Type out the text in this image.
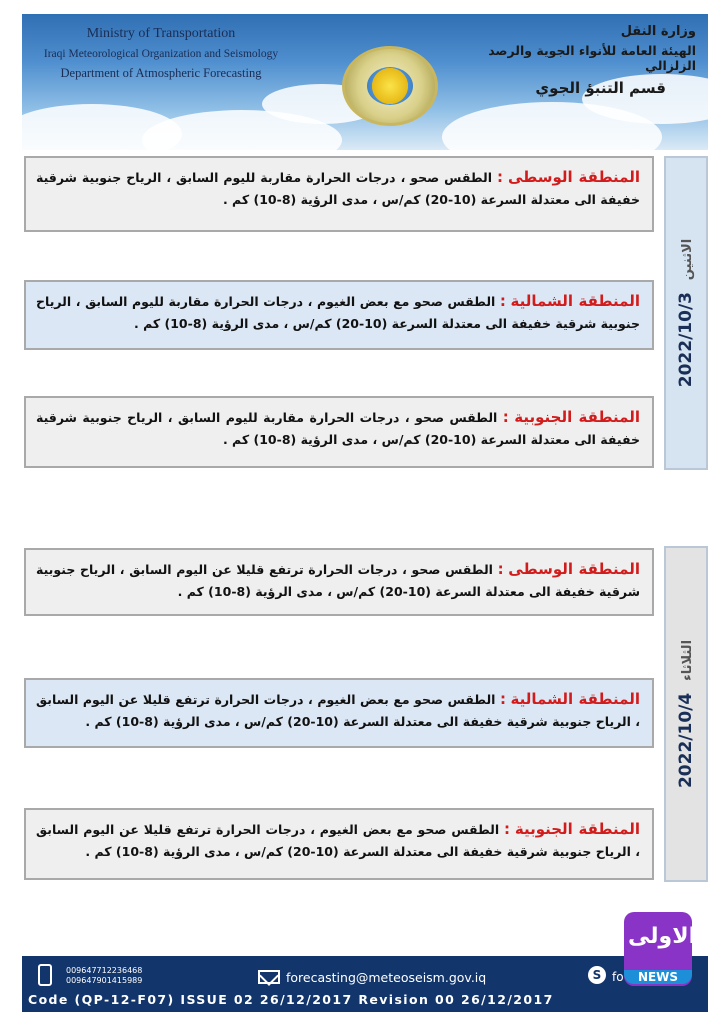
Ministry of Transportation
Iraqi Meteorological Organization and Seismology
Department of Atmospheric Forecasting
وزارة النقل
الهيئة العامة للأنواء الجوية والرصد الزلزالي
قسم التنبؤ الجوي
المنطقة الوسطى : الطقس صحو ، درجات الحرارة مقاربة لليوم السابق ، الرياح جنوبية شرقية خفيفة الى معتدلة السرعة (10-20) كم/س ، مدى الرؤية (8-10) كم .
المنطقة الشمالية : الطقس صحو مع بعض الغيوم ، درجات الحرارة مقاربة لليوم السابق ، الرياح جنوبية شرقية خفيفة الى معتدلة السرعة (10-20) كم/س ، مدى الرؤية (8-10) كم .
المنطقة الجنوبية : الطقس صحو ، درجات الحرارة مقاربة لليوم السابق ، الرياح جنوبية شرقية خفيفة الى معتدلة السرعة (10-20) كم/س ، مدى الرؤية (8-10) كم .
الاثنين 2022/10/3
المنطقة الوسطى : الطقس صحو ، درجات الحرارة ترتفع قليلا عن اليوم السابق ، الرياح جنوبية شرقية خفيفة الى معتدلة السرعة (10-20) كم/س ، مدى الرؤية (8-10) كم .
المنطقة الشمالية : الطقس صحو مع بعض الغيوم ، درجات الحرارة ترتفع قليلا عن اليوم السابق ، الرياح جنوبية شرقية خفيفة الى معتدلة السرعة (10-20) كم/س ، مدى الرؤية (8-10) كم .
المنطقة الجنوبية : الطقس صحو مع بعض الغيوم ، درجات الحرارة ترتفع قليلا عن اليوم السابق ، الرياح جنوبية شرقية خفيفة الى معتدلة السرعة (10-20) كم/س ، مدى الرؤية (8-10) كم .
الثلاثاء 2022/10/4
009647712236468
009647901415989	forecasting@meteoseism.gov.iq	S fo
Code (QP-12-F07) ISSUE 02 26/12/2017 Revision 00 26/12/2017
الاولى
NEWS
